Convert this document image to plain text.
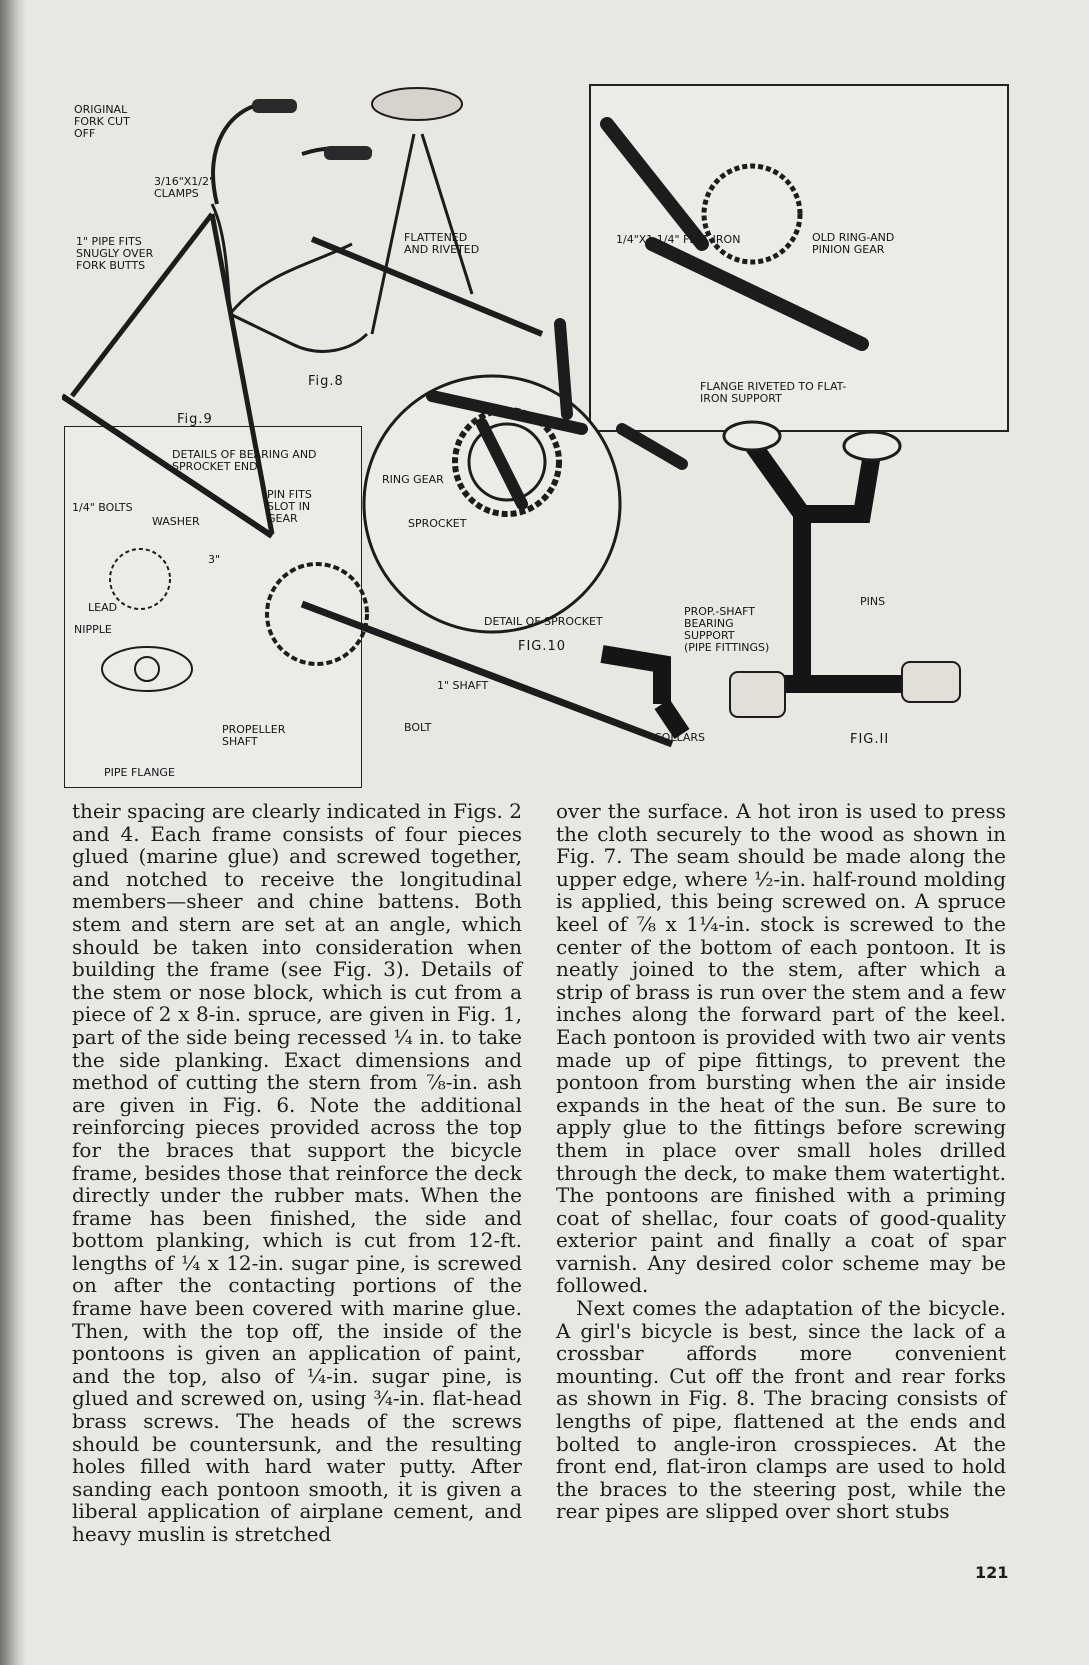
ORIGINAL
FORK CUT
OFF
3/16"X1/2"
CLAMPS
1" PIPE FITS
SNUGLY OVER
FORK BUTTS
FLATTENED
AND RIVETED
Fig.8
Fig.9
DETAILS OF BEARING AND
SPROCKET END
1/4" BOLTS
WASHER
3"
PIN FITS
SLOT IN
GEAR
LEAD
NIPPLE
PIPE FLANGE
RING GEAR
SPROCKET
DETAIL OF SPROCKET
FIG.10
1/4"X1 1/4" FLAT IRON	OLD RING-AND
PINION GEAR
FLANGE RIVETED TO FLAT-
IRON SUPPORT
PINS
PROP.-SHAFT
BEARING
SUPPORT
(PIPE FITTINGS)
COLLARS	FIG.II
1" SHAFT
BOLT
PROPELLER
SHAFT

their spacing are clearly indicated in Figs. 2 and 4. Each frame consists of four pieces glued (marine glue) and screwed together, and notched to receive the longitudinal members—sheer and chine battens. Both stem and stern are set at an angle, which should be taken into consideration when building the frame (see Fig. 3). Details of the stem or nose block, which is cut from a piece of 2 x 8-in. spruce, are given in Fig. 1, part of the side being recessed ¼ in. to take the side planking. Exact dimensions and method of cutting the stern from ⅞-in. ash are given in Fig. 6. Note the additional reinforcing pieces provided across the top for the braces that support the bicycle frame, besides those that reinforce the deck directly under the rubber mats. When the frame has been finished, the side and bottom planking, which is cut from 12-ft. lengths of ¼ x 12-in. sugar pine, is screwed on after the contacting portions of the frame have been covered with marine glue. Then, with the top off, the inside of the pontoons is given an application of paint, and the top, also of ¼-in. sugar pine, is glued and screwed on, using ¾-in. flat-head brass screws. The heads of the screws should be countersunk, and the resulting holes filled with hard water putty. After sanding each pontoon smooth, it is given a liberal application of airplane cement, and heavy muslin is stretched

over the surface. A hot iron is used to press the cloth securely to the wood as shown in Fig. 7. The seam should be made along the upper edge, where ½-in. half-round molding is applied, this being screwed on. A spruce keel of ⅞ x 1¼-in. stock is screwed to the center of the bottom of each pontoon. It is neatly joined to the stem, after which a strip of brass is run over the stem and a few inches along the forward part of the keel. Each pontoon is provided with two air vents made up of pipe fittings, to prevent the pontoon from bursting when the air inside expands in the heat of the sun. Be sure to apply glue to the fittings before screwing them in place over small holes drilled through the deck, to make them watertight. The pontoons are finished with a priming coat of shellac, four coats of good-quality exterior paint and finally a coat of spar varnish. Any desired color scheme may be followed.

Next comes the adaptation of the bicycle. A girl's bicycle is best, since the lack of a crossbar affords more convenient mounting. Cut off the front and rear forks as shown in Fig. 8. The bracing consists of lengths of pipe, flattened at the ends and bolted to angle-iron crosspieces. At the front end, flat-iron clamps are used to hold the braces to the steering post, while the rear pipes are slipped over short stubs

121
